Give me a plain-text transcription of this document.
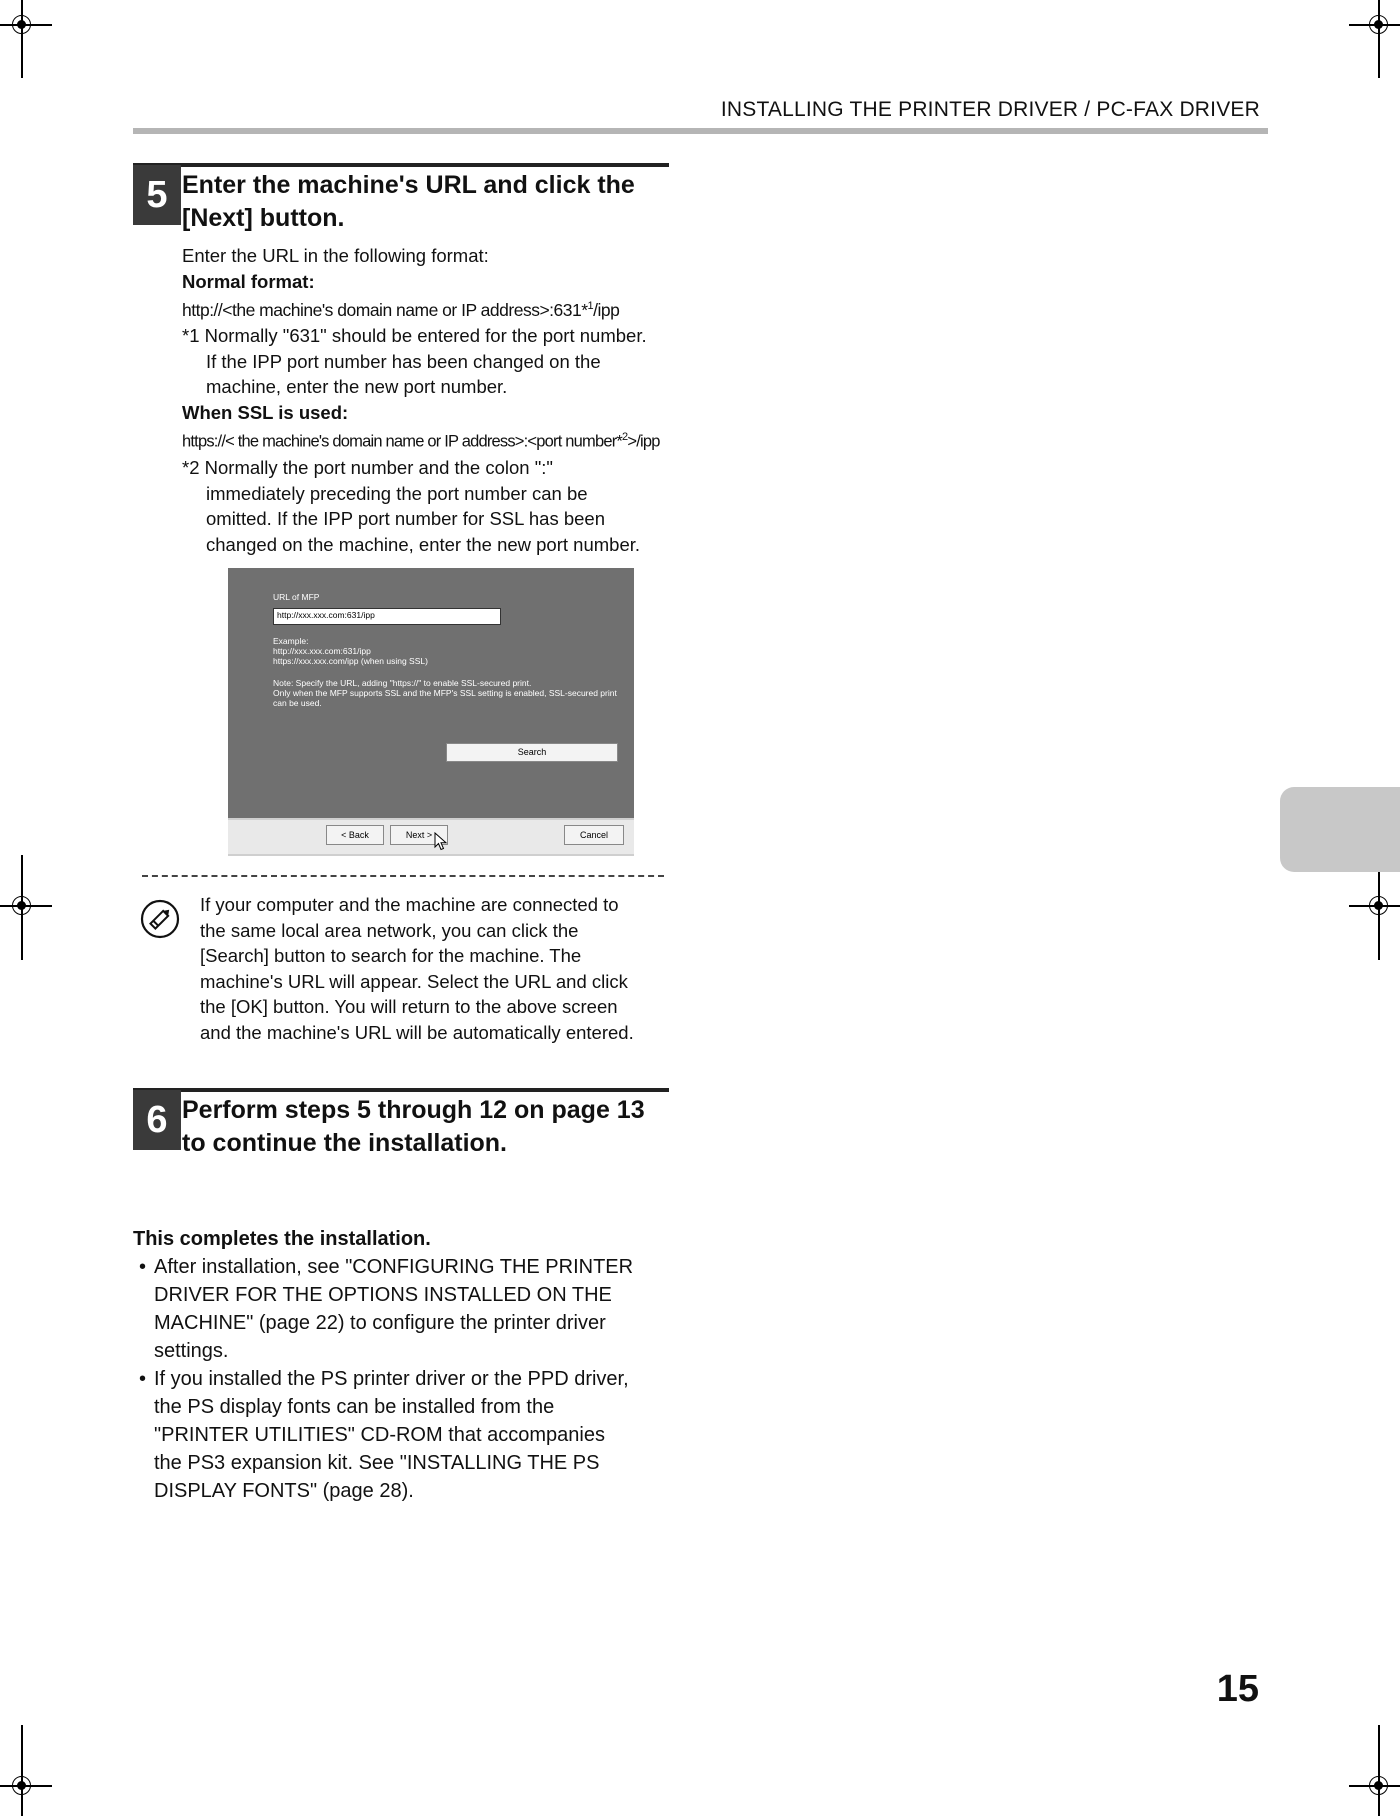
INSTALLING THE PRINTER DRIVER / PC-FAX DRIVER
5 Enter the machine's URL and click the
[Next] button.
Enter the URL in the following format:
Normal format:
http://<the machine's domain name or IP address>:631*$^1$/ipp
*1 Normally "631" should be entered for the port number.
If the IPP port number has been changed on the
machine, enter the new port number.
When SSL is used:
https://< the machine's domain name or IP address>:<port number*$^2$>/ipp
*2 Normally the port number and the colon ":"
immediately preceding the port number can be
omitted. If the IPP port number for SSL has been
changed on the machine, enter the new port number.
URL of MFP
http://xxx.xxx.com:631/ipp
Example:
http://xxx.xxx.com:631/ipp
https://xxx.xxx.com/ipp (when using SSL)
Note: Specify the URL, adding "https://" to enable SSL-secured print.
Only when the MFP supports SSL and the MFP's SSL setting is enabled, SSL-secured print
can be used.
Search
< Back	Next >	Cancel
If your computer and the machine are connected to
the same local area network, you can click the
[Search] button to search for the machine. The
machine's URL will appear. Select the URL and click
the [OK] button. You will return to the above screen
and the machine's URL will be automatically entered.
6 Perform steps 5 through 12 on page 13
to continue the installation.
This completes the installation.
• After installation, see "CONFIGURING THE PRINTER
DRIVER FOR THE OPTIONS INSTALLED ON THE
MACHINE" (page 22) to configure the printer driver
settings.
• If you installed the PS printer driver or the PPD driver,
the PS display fonts can be installed from the
"PRINTER UTILITIES" CD-ROM that accompanies
the PS3 expansion kit. See "INSTALLING THE PS
DISPLAY FONTS" (page 28).
15
